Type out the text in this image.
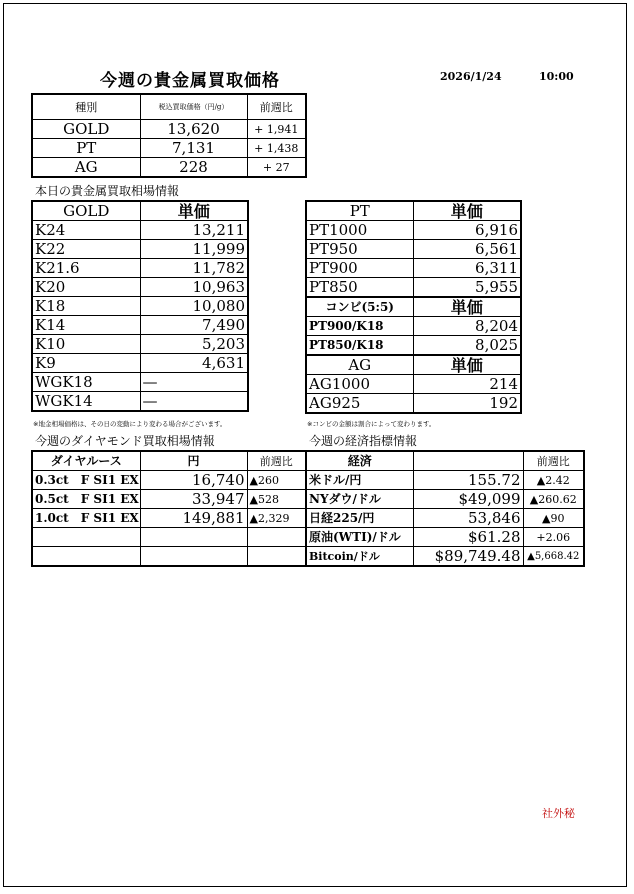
今週の貴金属買取価格	2026/1/24	10:00
種別	税込買取価格（円/g）	前週比
GOLD	13,620	+ 1,941
PT	7,131	+ 1,438
AG	228	+ 27
本日の貴金属買取相場情報
GOLD	単価
K24	13,211
K22	11,999
K21.6	11,782
K20	10,963
K18	10,080
K14	7,490
K10	5,203
K9	4,631
WGK18	—
WGK14	—
※地金相場価格は、その日の変動により変わる場合がございます。
PT	単価
PT1000	6,916
PT950	6,561
PT900	6,311
PT850	5,955
コンビ(5:5)	単価
PT900/K18	8,204
PT850/K18	8,025
AG	単価
AG1000	214
AG925	192
※コンビの金額は割合によって変わります。
今週のダイヤモンド買取相場情報	今週の経済指標情報
ダイヤルース	円	前週比
0.3ct　F SI1 EX	16,740	▲260
0.5ct　F SI1 EX	33,947	▲528
1.0ct　F SI1 EX	149,881	▲2,329

経済		前週比
米ドル/円	155.72	▲2.42
NYダウ/ドル	$49,099	▲260.62
日経225/円	53,846	▲90
原油(WTI)/ドル	$61.28	+2.06
Bitcoin/ドル	$89,749.48	▲5,668.42
社外秘
